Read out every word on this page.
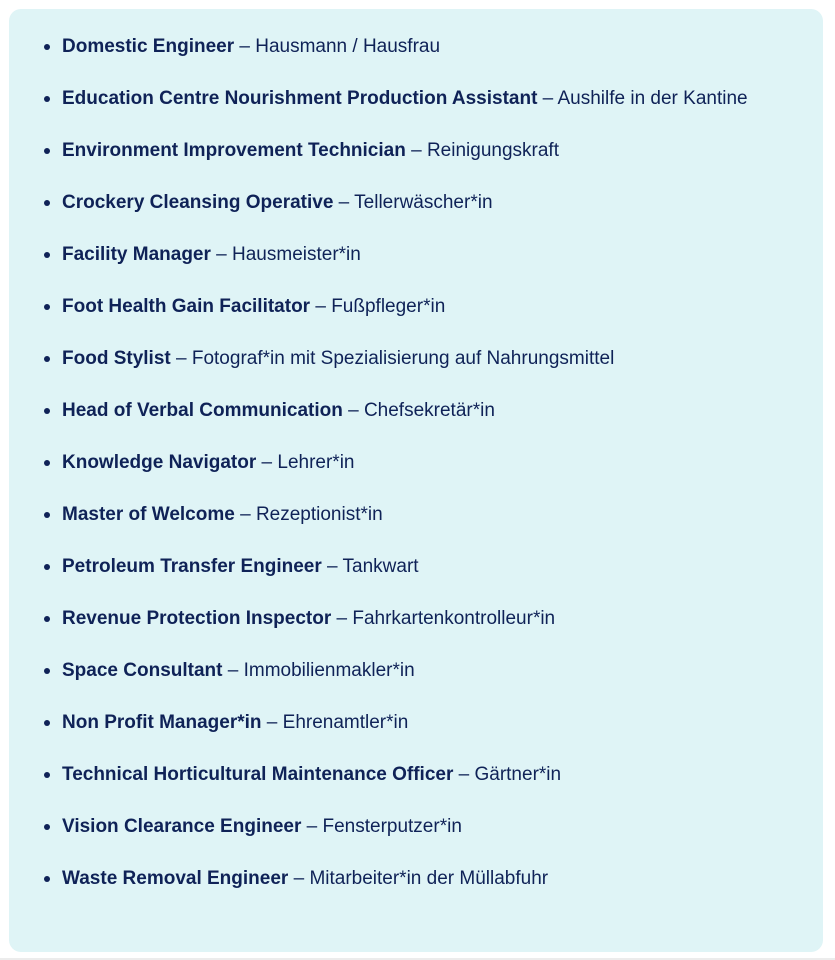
Domestic Engineer – Hausmann / Hausfrau
Education Centre Nourishment Production Assistant – Aushilfe in der Kantine
Environment Improvement Technician – Reinigungskraft
Crockery Cleansing Operative – Tellerwäscher*in
Facility Manager – Hausmeister*in
Foot Health Gain Facilitator – Fußpfleger*in
Food Stylist – Fotograf*in mit Spezialisierung auf Nahrungsmittel
Head of Verbal Communication – Chefsekretär*in
Knowledge Navigator – Lehrer*in
Master of Welcome – Rezeptionist*in
Petroleum Transfer Engineer – Tankwart
Revenue Protection Inspector – Fahrkartenkontrolleur*in
Space Consultant – Immobilienmakler*in
Non Profit Manager*in – Ehrenamtler*in
Technical Horticultural Maintenance Officer – Gärtner*in
Vision Clearance Engineer – Fensterputzer*in
Waste Removal Engineer – Mitarbeiter*in der Müllabfuhr
